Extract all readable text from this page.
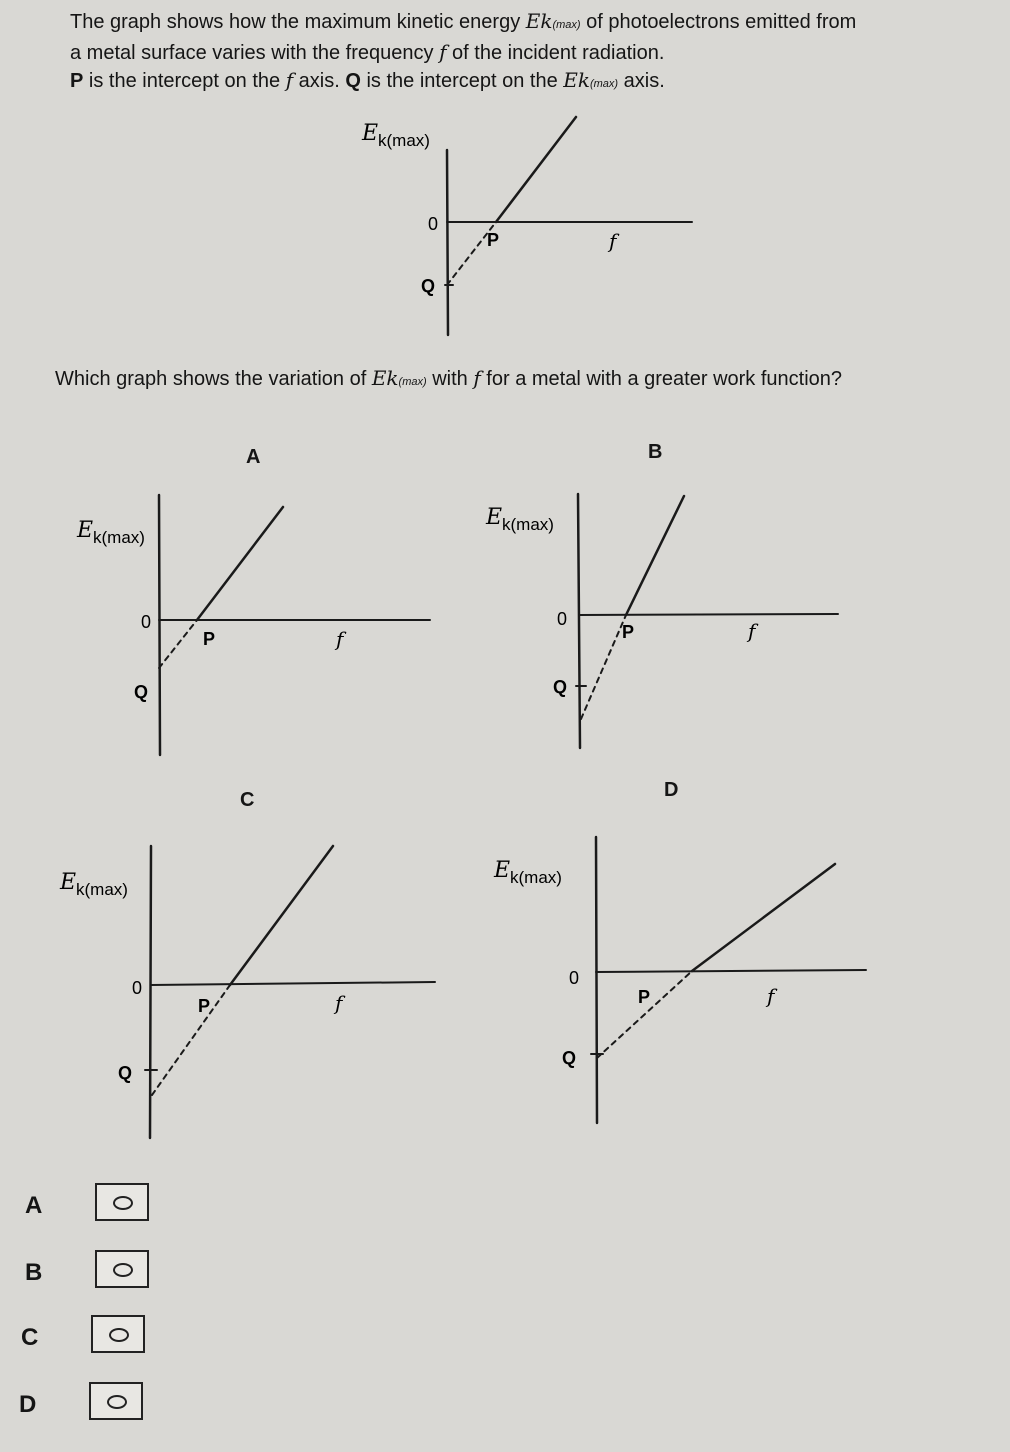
The graph shows how the maximum kinetic energy Ek(max) of photoelectrons emitted from

a metal surface varies with the frequency f of the incident radiation.

P is the intercept on the f axis. Q is the intercept on the Ek(max) axis.

Which graph shows the variation of Ek(max) with f for a metal with a greater work function?
A	B
C	D
E k(max)
0
P
Q
f
E k(max)
0
P
Q
f
E k(max)
0
P
Q
f
E k(max)
0
P
Q
f
E k(max)
0
P
Q
f
A
B
C
D
